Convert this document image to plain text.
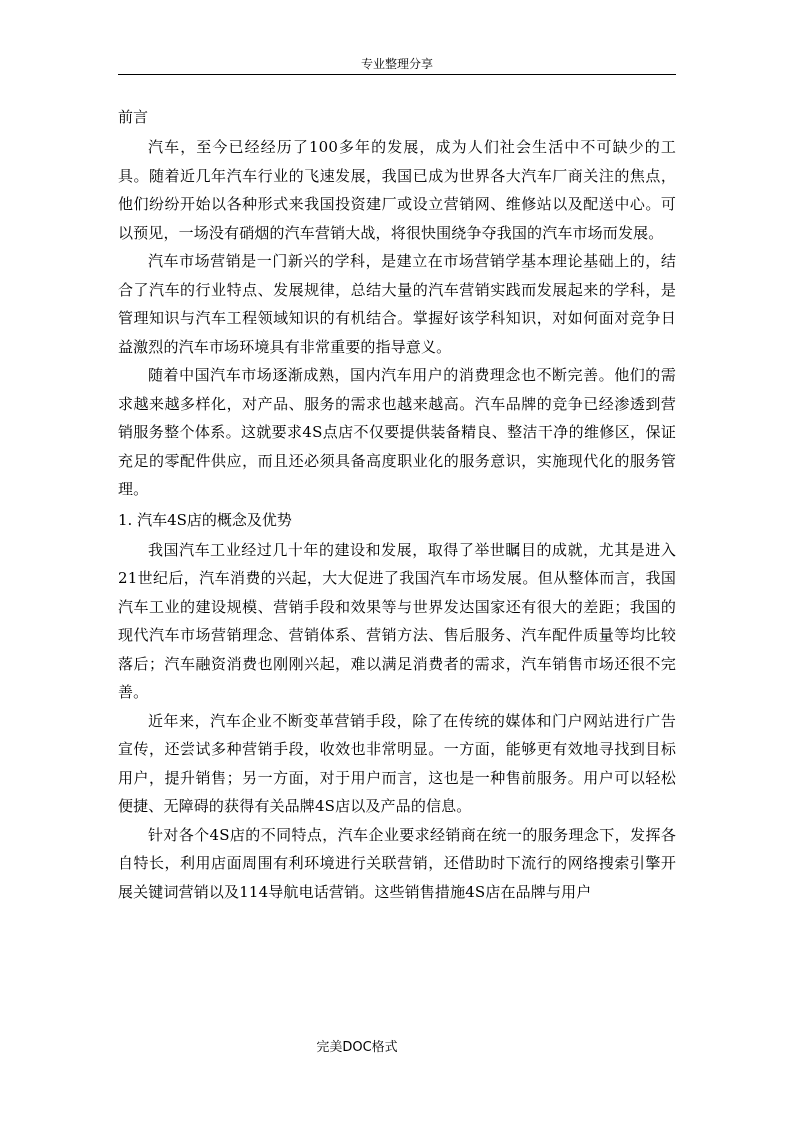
专业整理分享
前言

汽车，至今已经经历了100多年的发展，成为人们社会生活中不可缺少的工具。随着近几年汽车行业的飞速发展，我国已成为世界各大汽车厂商关注的焦点，他们纷纷开始以各种形式来我国投资建厂或设立营销网、维修站以及配送中心。可以预见，一场没有硝烟的汽车营销大战，将很快围绕争夺我国的汽车市场而发展。

汽车市场营销是一门新兴的学科，是建立在市场营销学基本理论基础上的，结合了汽车的行业特点、发展规律，总结大量的汽车营销实践而发展起来的学科，是管理知识与汽车工程领域知识的有机结合。掌握好该学科知识，对如何面对竞争日益激烈的汽车市场环境具有非常重要的指导意义。

随着中国汽车市场逐渐成熟，国内汽车用户的消费理念也不断完善。他们的需求越来越多样化，对产品、服务的需求也越来越高。汽车品牌的竞争已经渗透到营销服务整个体系。这就要求4S点店不仅要提供装备精良、整洁干净的维修区，保证充足的零配件供应，而且还必须具备高度职业化的服务意识，实施现代化的服务管理。

1. 汽车4S店的概念及优势

我国汽车工业经过几十年的建设和发展，取得了举世瞩目的成就，尤其是进入21世纪后，汽车消费的兴起，大大促进了我国汽车市场发展。但从整体而言，我国汽车工业的建设规模、营销手段和效果等与世界发达国家还有很大的差距；我国的现代汽车市场营销理念、营销体系、营销方法、售后服务、汽车配件质量等均比较落后；汽车融资消费也刚刚兴起，难以满足消费者的需求，汽车销售市场还很不完善。

近年来，汽车企业不断变革营销手段，除了在传统的媒体和门户网站进行广告宣传，还尝试多种营销手段，收效也非常明显。一方面，能够更有效地寻找到目标用户，提升销售；另一方面，对于用户而言，这也是一种售前服务。用户可以轻松便捷、无障碍的获得有关品牌4S店以及产品的信息。

针对各个4S店的不同特点，汽车企业要求经销商在统一的服务理念下，发挥各自特长，利用店面周围有利环境进行关联营销，还借助时下流行的网络搜索引擎开展关键词营销以及114导航电话营销。这些销售措施4S店在品牌与用户

完美DOC格式
